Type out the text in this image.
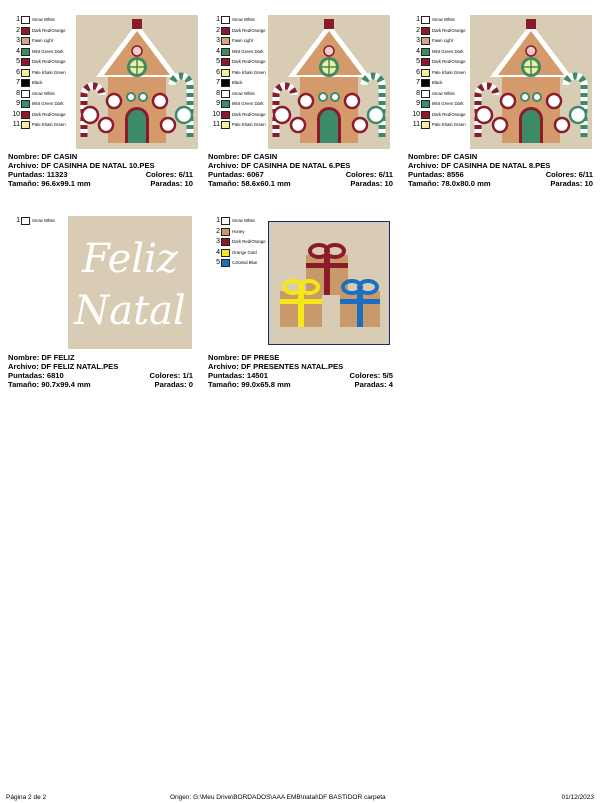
1	Snow White
2	Dark Red/Orange
3	Fawn Light
4	Mint Green Dark
5	Dark Red/Orange
6	Pale Khaki Green
7	Black
8	Snow White
9	Mint Green Dark
10	Dark Red/Orange
11	Pale Khaki Green
Nombre: DF CASIN
Archivo: DF CASINHA DE NATAL 10.PES
Puntadas: 11323	Colores: 6/11
Tamaño: 96.6x99.1 mm	Paradas: 10
1	Snow White
2	Dark Red/Orange
3	Fawn Light
4	Mint Green Dark
5	Dark Red/Orange
6	Pale Khaki Green
7	Black
8	Snow White
9	Mint Green Dark
10	Dark Red/Orange
11	Pale Khaki Green
Nombre: DF CASIN
Archivo: DF CASINHA DE NATAL 6.PES
Puntadas: 6067	Colores: 6/11
Tamaño: 58.6x60.1 mm	Paradas: 10
1	Snow White
2	Dark Red/Orange
3	Fawn Light
4	Mint Green Dark
5	Dark Red/Orange
6	Pale Khaki Green
7	Black
8	Snow White
9	Mint Green Dark
10	Dark Red/Orange
11	Pale Khaki Green
Nombre: DF CASIN
Archivo: DF CASINHA DE NATAL 8.PES
Puntadas: 8556	Colores: 6/11
Tamaño: 78.0x80.0 mm	Paradas: 10
1	Snow White
Feliz
Natal
Nombre: DF FELIZ
Archivo: DF FELIZ NATAL.PES
Puntadas: 6810	Colores: 1/1
Tamaño: 90.7x99.4 mm	Paradas: 0
1	Snow White
2	Honey
3	Dark Red/Orange
4	Orange Gold
5	Colonial Blue
Nombre: DF PRESE
Archivo: DF PRESENTES NATAL.PES
Puntadas: 14501	Colores: 5/5
Tamaño: 99.0x65.8 mm	Paradas: 4
Página 2 de 2	Origen: G:\Meu Drive\BORDADOS\AAA EMB\natal\DF BASTIDOR carpeta	01/12/2023
